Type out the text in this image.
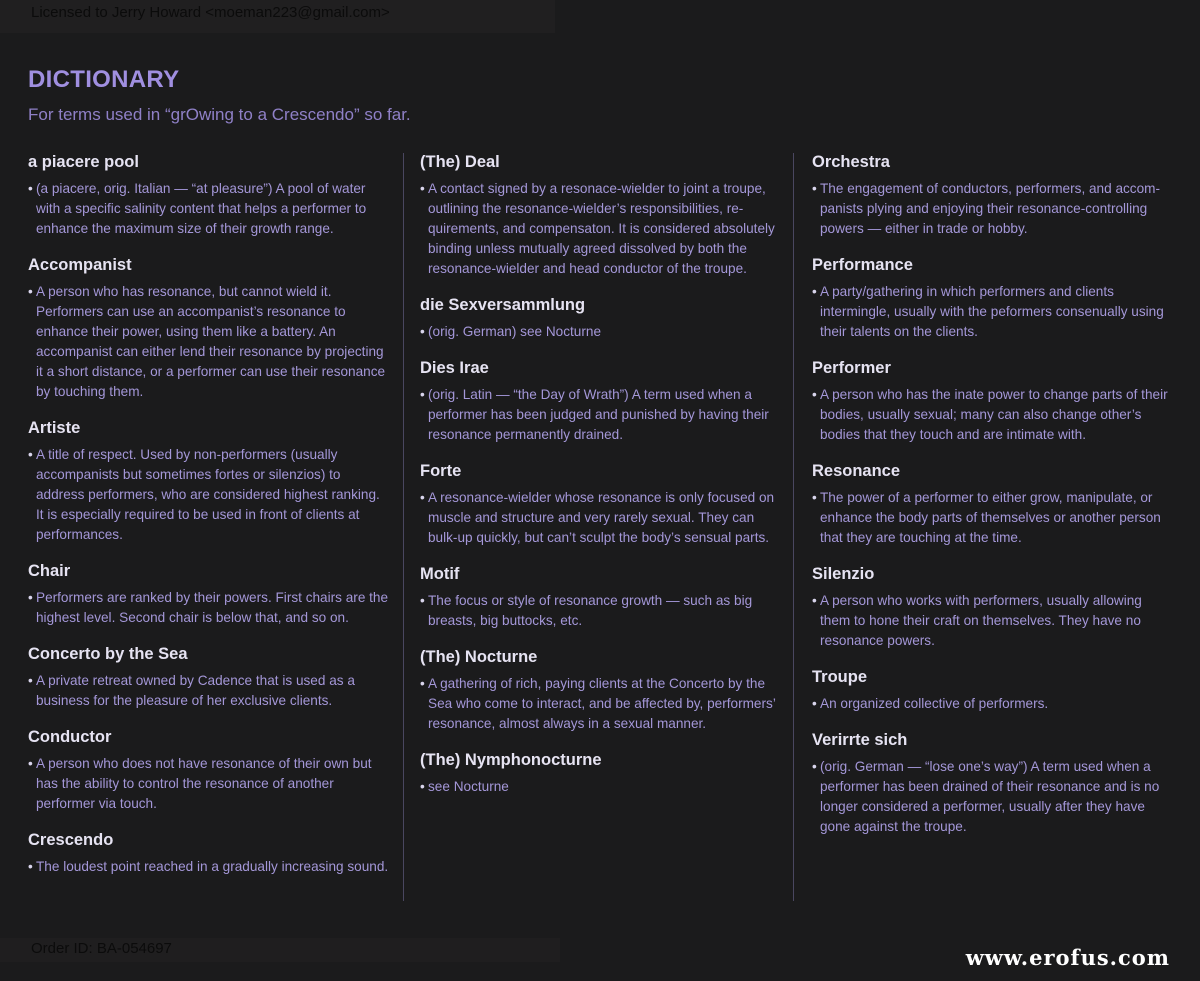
Licensed to Jerry Howard <moeman223@gmail.com>
DICTIONARY

For terms used in “grOwing to a Crescendo” so far.

a piacere pool

• (a piacere, orig. Italian — “at pleasure”) A pool of water with a specific salinity content that helps a performer to enhance the maximum size of their growth range.

Accompanist

• A person who has resonance, but cannot wield it. Performers can use an accompanist’s resonance to enhance their power, using them like a battery. An accompanist can either lend their resonance by projecting it a short distance, or a performer can use their resonance by touching them.

Artiste

• A title of respect. Used by non-performers (usually accompanists but sometimes fortes or silenzios) to address performers, who are considered highest ranking. It is especially required to be used in front of clients at performances.

Chair

• Performers are ranked by their powers. First chairs are the highest level. Second chair is below that, and so on.

Concerto by the Sea

• A private retreat owned by Cadence that is used as a business for the pleasure of her exclusive clients.

Conductor

• A person who does not have resonance of their own but has the ability to control the resonance of another performer via touch.

Crescendo

• The loudest point reached in a gradually increasing sound.

(The) Deal

• A contact signed by a resonace-wielder to joint a troupe, outlining the resonance-wielder’s responsibilities, re-quirements, and compensaton. It is considered absolutely binding unless mutually agreed dissolved by both the resonance-wielder and head conductor of the troupe.

die Sexversammlung

• (orig. German) see Nocturne

Dies Irae

• (orig. Latin — “the Day of Wrath”) A term used when a performer has been judged and punished by having their resonance permanently drained.

Forte

• A resonance-wielder whose resonance is only focused on muscle and structure and very rarely sexual. They can bulk-up quickly, but can’t sculpt the body’s sensual parts.

Motif

• The focus or style of resonance growth — such as big breasts, big buttocks, etc.

(The) Nocturne

• A gathering of rich, paying clients at the Concerto by the Sea who come to interact, and be affected by, performers’ resonance, almost always in a sexual manner.

(The) Nymphonocturne

• see Nocturne

Orchestra

• The engagement of conductors, performers, and accom-panists plying and enjoying their resonance-controlling powers — either in trade or hobby.

Performance

• A party/gathering in which performers and clients intermingle, usually with the peformers consenually using their talents on the clients.

Performer

• A person who has the inate power to change parts of their bodies, usually sexual; many can also change other’s bodies that they touch and are intimate with.

Resonance

• The power of a performer to either grow, manipulate, or enhance the body parts of themselves or another person that they are touching at the time.

Silenzio

• A person who works with performers, usually allowing them to hone their craft on themselves. They have no resonance powers.

Troupe

• An organized collective of performers.

Verirrte sich

• (orig. German — “lose one’s way”) A term used when a performer has been drained of their resonance and is no longer considered a performer, usually after they have gone against the troupe.

Order ID: BA-054697	www.erofus.com
